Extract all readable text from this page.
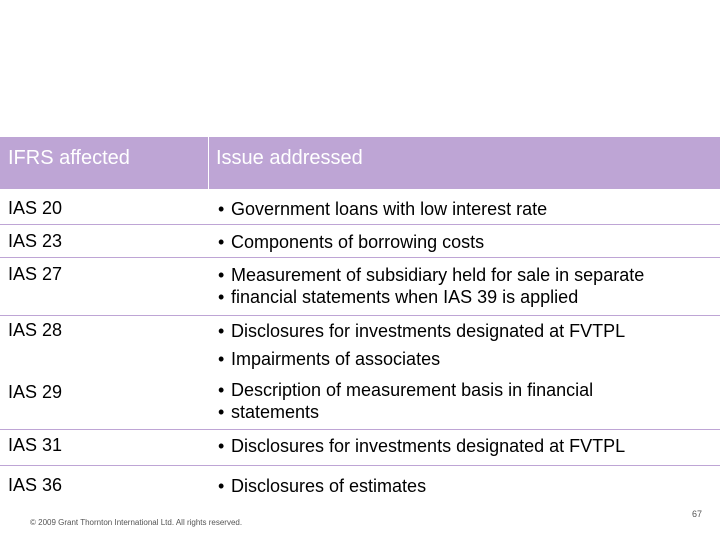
IFRS affected	Issue addressed
IAS 20	• Government loans with low interest rate
IAS 23	• Components of borrowing costs
IAS 27	• Measurement of subsidiary held for sale in separate
• financial statements when IAS 39 is applied

IAS 28	• Disclosures for investments designated at FVTPL
• Impairments of associates
IAS 29	• Description of measurement basis in financial
• statements

IAS 31	• Disclosures for investments designated at FVTPL
IAS 36	• Disclosures of estimates
© 2009 Grant Thornton International Ltd. All rights reserved.
67
